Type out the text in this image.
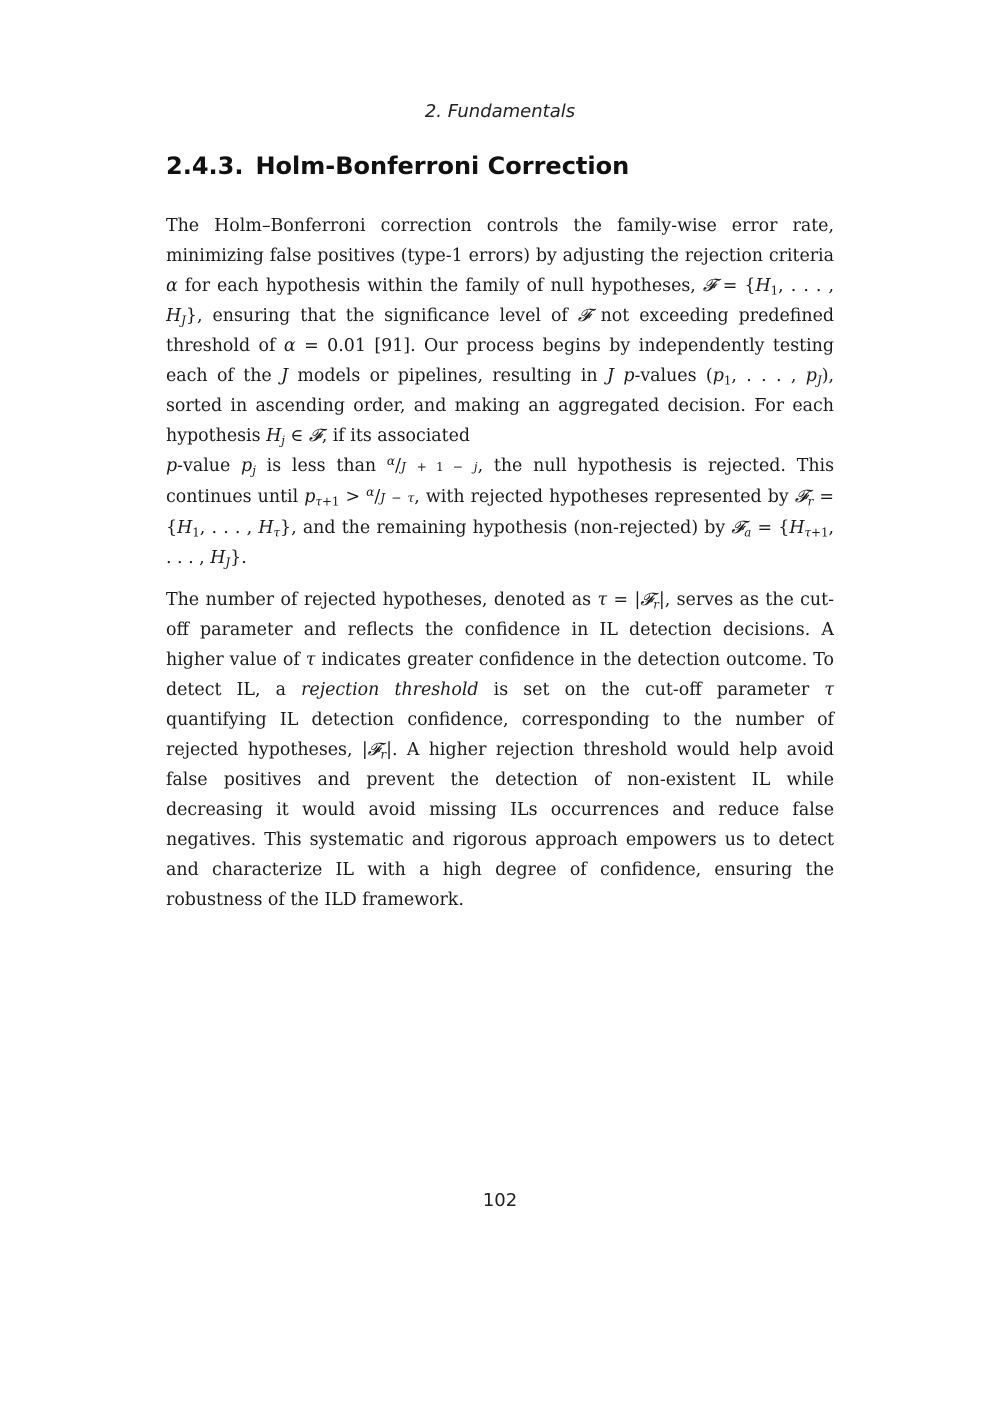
2. Fundamentals
2.4.3. Holm-Bonferroni Correction

The Holm–Bonferroni correction controls the family-wise error rate, minimizing false positives (type-1 errors) by adjusting the rejection criteria α for each hypothesis within the family of null hypotheses, 𝓕 = {$H_1$, . . . , $H_J$}, ensuring that the significance level of 𝓕 not exceeding predefined threshold of α = 0.01 [91]. Our process begins by independently testing each of the J models or pipelines, resulting in J p-values ($p_1$, . . . , $p_J$), sorted in ascending order, and making an aggregated decision. For each hypothesis $H_j$ ∈ 𝓕, if its associated
p-value $p_j$ is less than $^\alpha$/J + 1 − j, the null hypothesis is rejected. This continues until $p_{\tau+1} > ^\alpha/J - \tau$, with rejected hypotheses represented by 𝓕$_r$ = {$H_1$, . . . , $H_\tau$}, and the remaining hypothesis (non-rejected) by 𝓕$_a$ = {$H_{\tau+1}$, . . . , $H_J$}.

The number of rejected hypotheses, denoted as τ = |𝓕$_r$|, serves as the cut-off parameter and reflects the confidence in IL detection decisions. A higher value of τ indicates greater confidence in the detection outcome. To detect IL, a rejection threshold is set on the cut-off parameter τ quantifying IL detection confidence, corresponding to the number of rejected hypotheses, |𝓕$_r$|. A higher rejection threshold would help avoid false positives and prevent the detection of non-existent IL while decreasing it would avoid missing ILs occurrences and reduce false negatives. This systematic and rigorous approach empowers us to detect and characterize IL with a high degree of confidence, ensuring the robustness of the ILD framework.

102
